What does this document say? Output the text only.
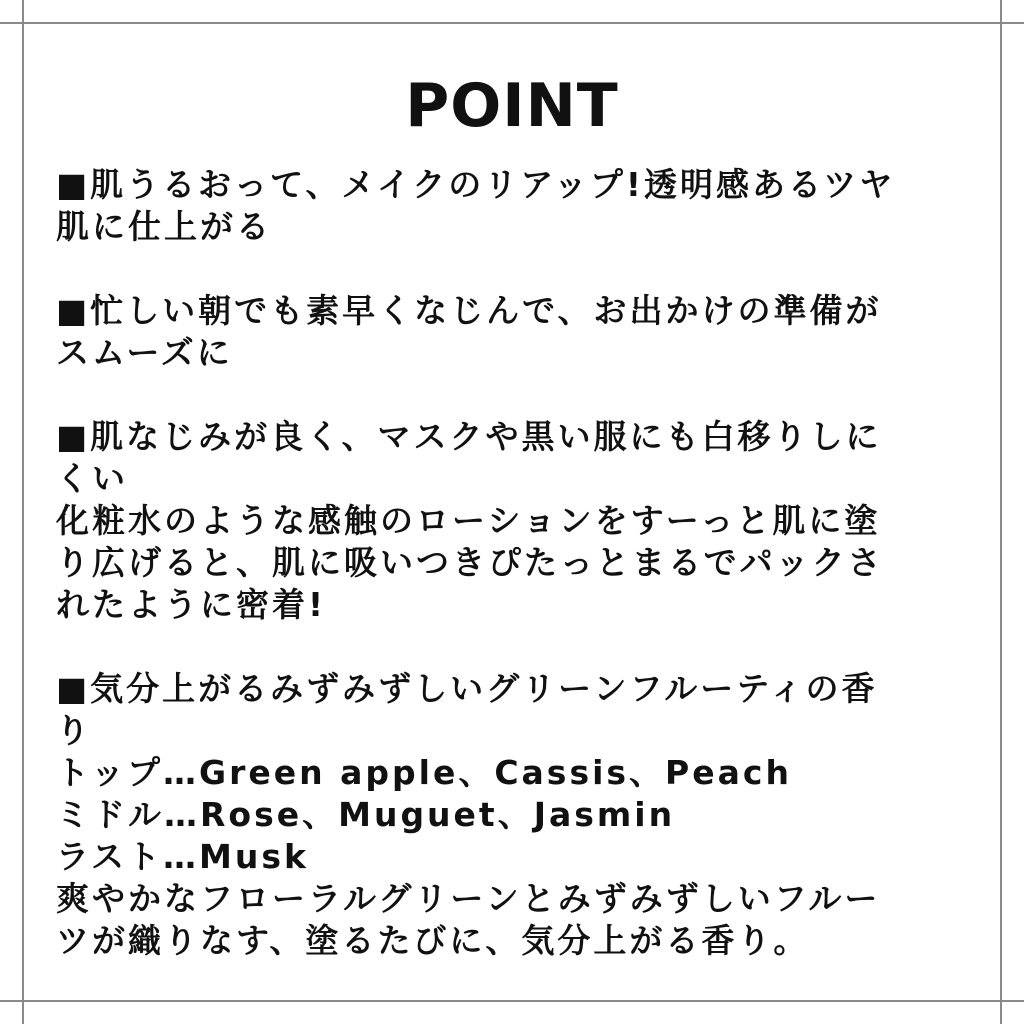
POINT
■肌うるおって、メイクのリアップ!透明感あるツヤ
肌に仕上がる
■忙しい朝でも素早くなじんで、お出かけの準備が
スムーズに
■肌なじみが良く、マスクや黒い服にも白移りしに
くい
化粧水のような感触のローションをすーっと肌に塗
り広げると、肌に吸いつきぴたっとまるでパックさ
れたように密着!
■気分上がるみずみずしいグリーンフルーティの香
り
トップ…Green apple、Cassis、Peach
ミドル…Rose、Muguet、Jasmin
ラスト…Musk
爽やかなフローラルグリーンとみずみずしいフルー
ツが織りなす、塗るたびに、気分上がる香り。
